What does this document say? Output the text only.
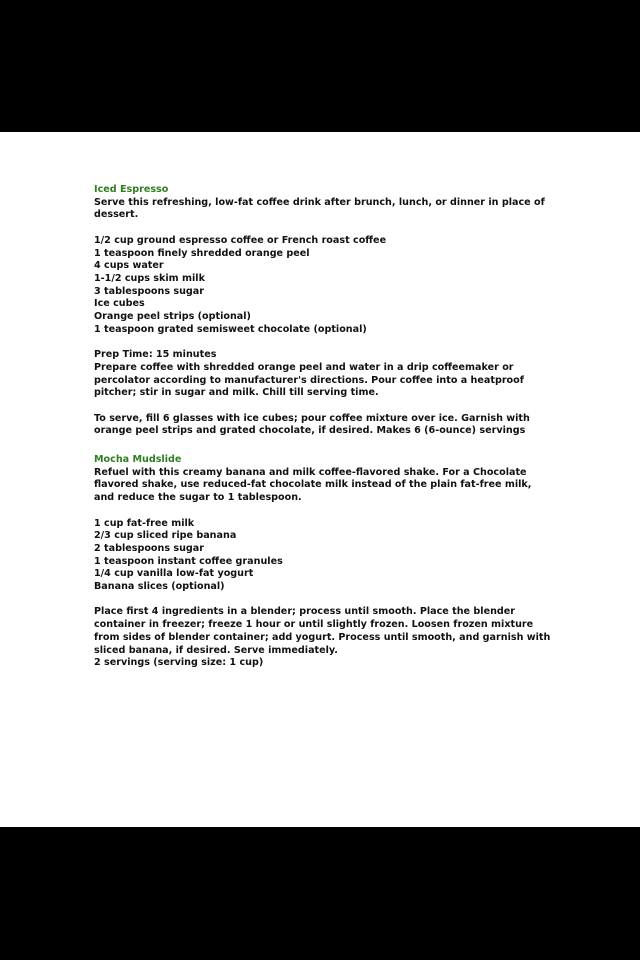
Iced Espresso
Serve this refreshing, low-fat coffee drink after brunch, lunch, or dinner in place of dessert.
1/2 cup ground espresso coffee or French roast coffee
1 teaspoon finely shredded orange peel
4 cups water
1-1/2 cups skim milk
3 tablespoons sugar
Ice cubes
Orange peel strips (optional)
1 teaspoon grated semisweet chocolate (optional)
Prep Time: 15 minutes
Prepare coffee with shredded orange peel and water in a drip coffeemaker or percolator according to manufacturer's directions. Pour coffee into a heatproof pitcher; stir in sugar and milk. Chill till serving time.
To serve, fill 6 glasses with ice cubes; pour coffee mixture over ice. Garnish with orange peel strips and grated chocolate, if desired. Makes 6 (6-ounce) servings
Mocha Mudslide
Refuel with this creamy banana and milk coffee-flavored shake. For a Chocolate flavored shake, use reduced-fat chocolate milk instead of the plain fat-free milk, and reduce the sugar to 1 tablespoon.
1 cup fat-free milk
2/3 cup sliced ripe banana
2 tablespoons sugar
1 teaspoon instant coffee granules
1/4 cup vanilla low-fat yogurt
Banana slices (optional)
Place first 4 ingredients in a blender; process until smooth. Place the blender container in freezer; freeze 1 hour or until slightly frozen. Loosen frozen mixture from sides of blender container; add yogurt. Process until smooth, and garnish with sliced banana, if desired. Serve immediately.
2 servings (serving size: 1 cup)
